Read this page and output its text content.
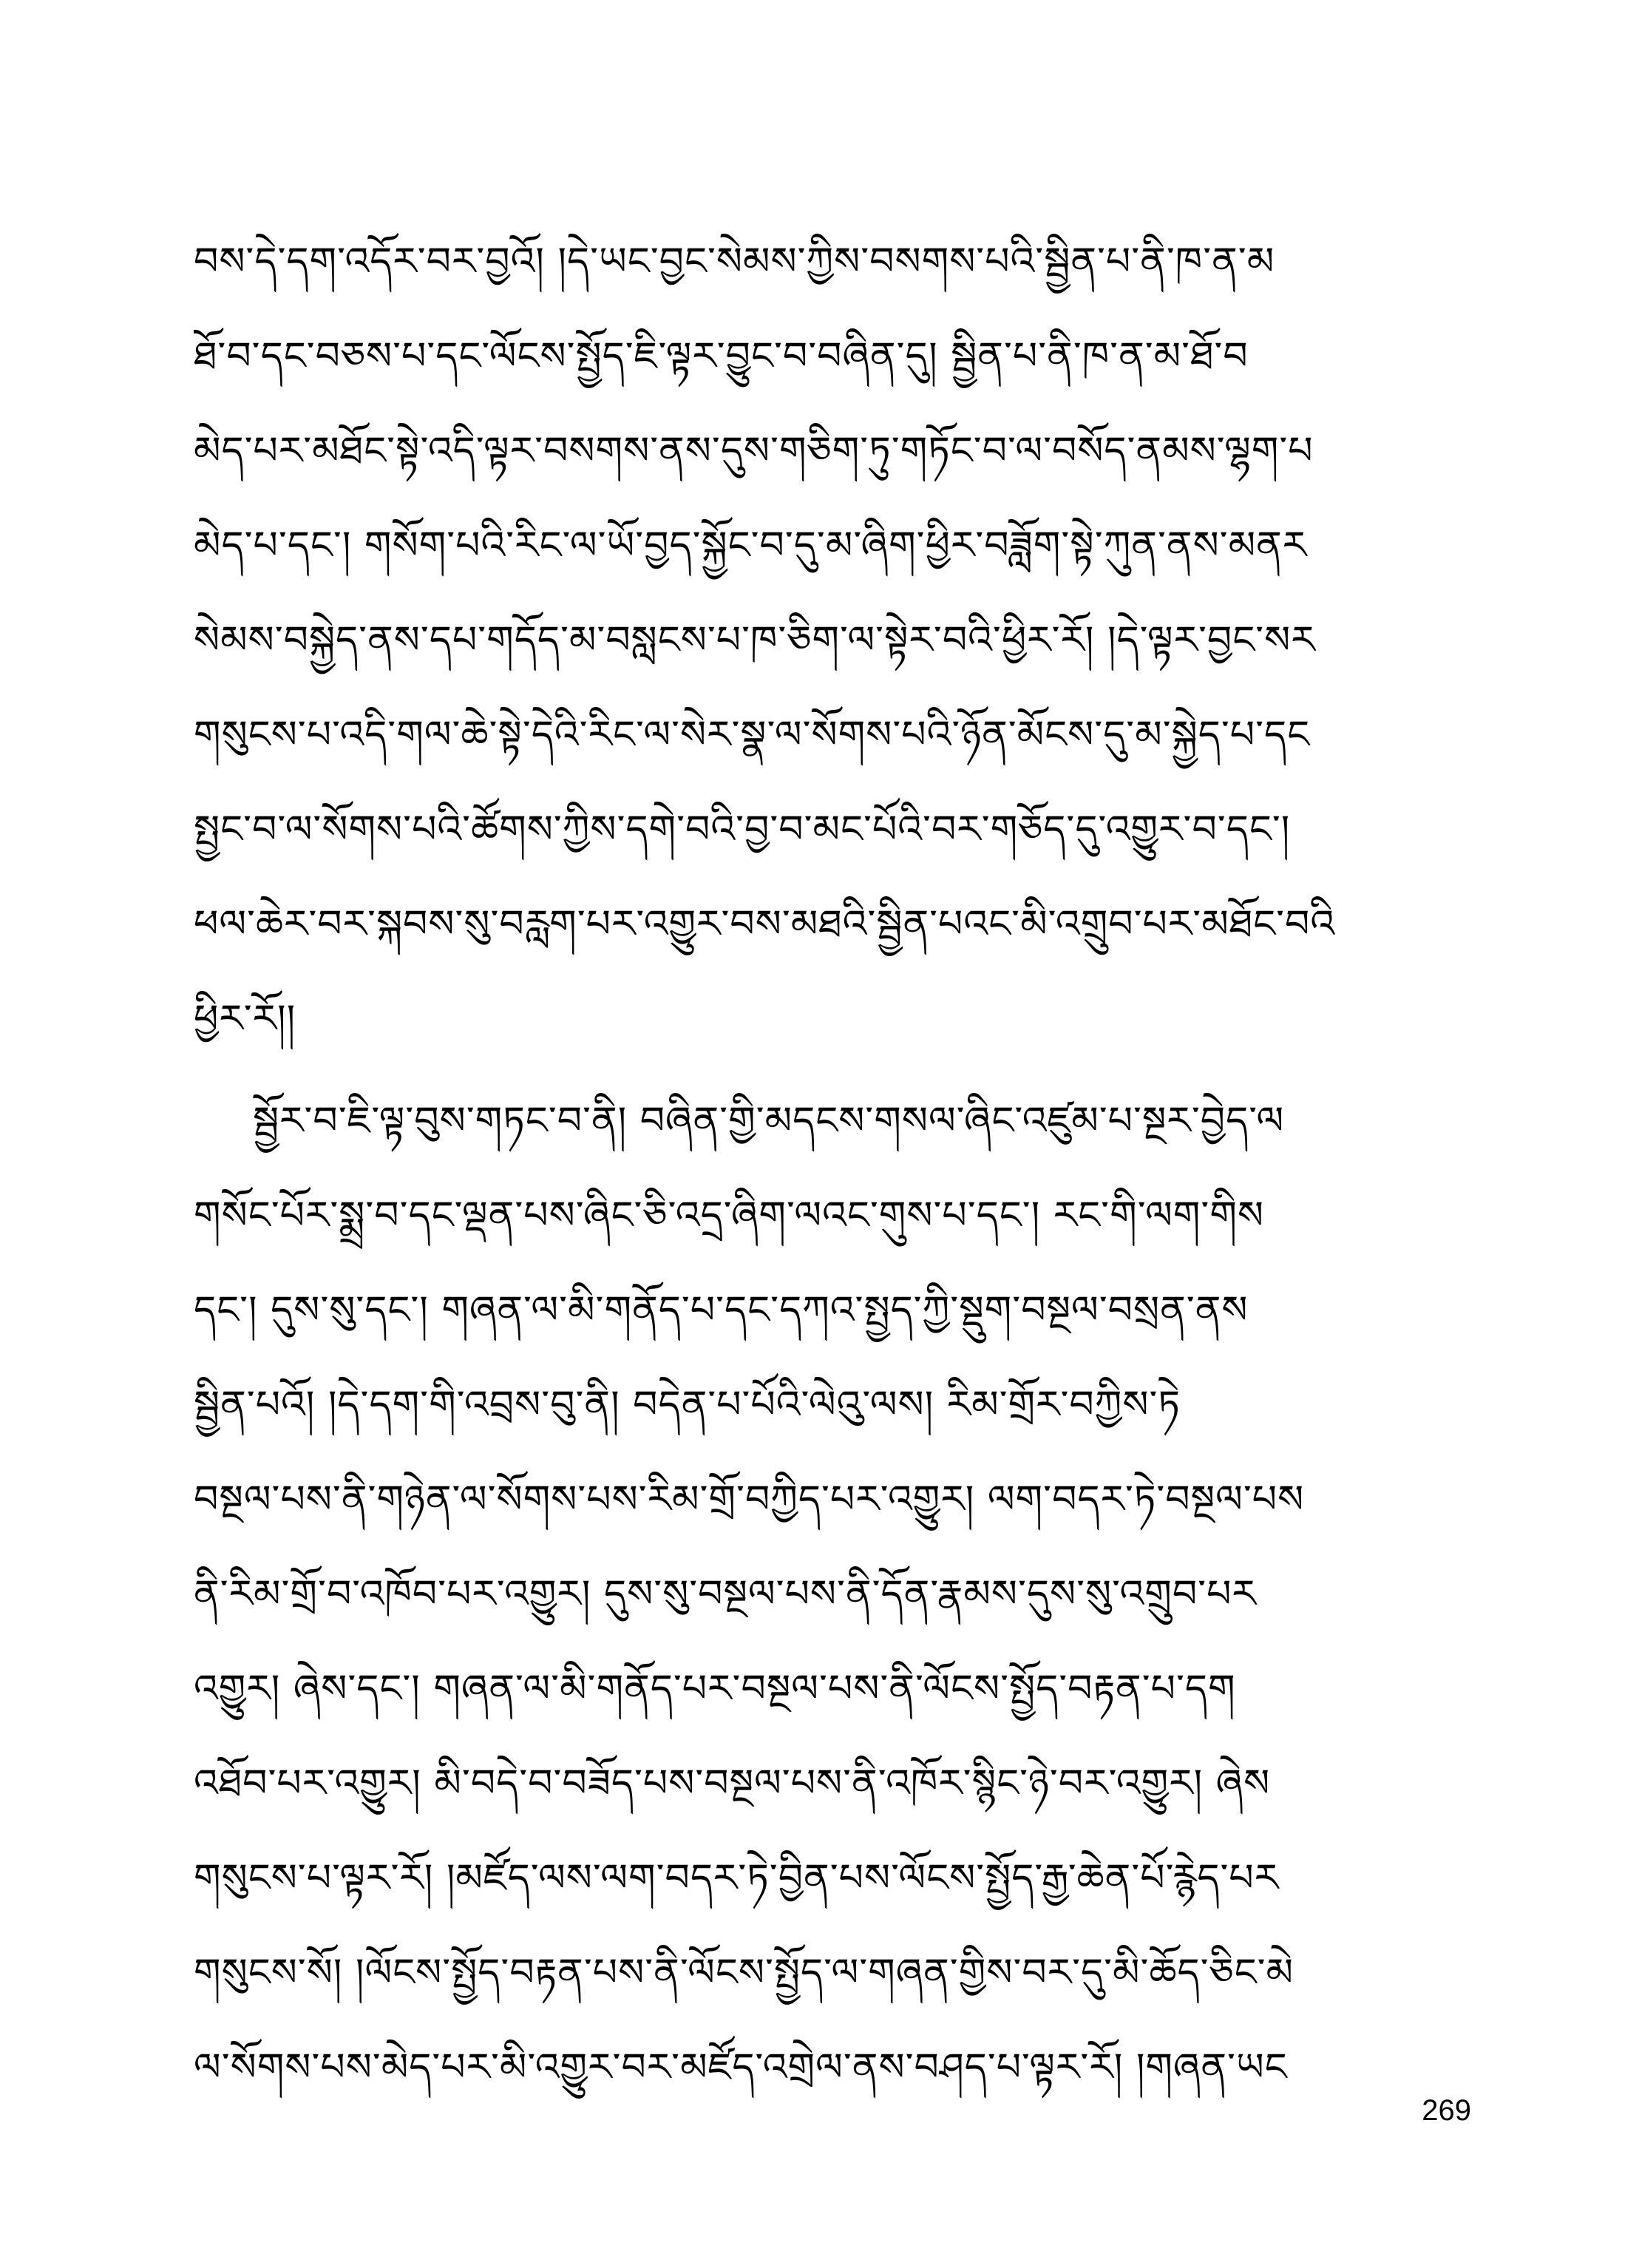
བས་དེ་དག་འདོར་བར་བྱའོ། །དེ་ཡང་བྱང་སེམས་ཀྱིས་བསགས་པའི་སྦྱིན་པ་ནི་ཁ་ན་མ
ཐོ་བ་དང་བཅས་པ་དང་ལོངས་སྤྱོད་ཇི་ལྟར་བྱུང་བ་བཞིན་དུ། སྦྱིན་པ་ནི་ཁ་ན་མ་ཐོ་བ
མེད་པར་མཐོང་སྟེ་འདི་ལྟར་བསགས་ནས་དུས་གཅིག་ཏུ་གཏོང་བ་ལ་བསོད་ནམས་ལྷག་པ
མེད་པ་དང་། གསོག་པའི་རིང་ལ་ཡོ་བྱད་སྐྱོང་བ་དུ་མ་ཞིག་ཕྱིར་བཟློག་སྟེ་ཀུན་ནས་མནར
སེམས་བསྐྱེད་ནས་དཔ་གདོད་མ་བསླངས་པ་ཁ་ཅིག་ལ་སྟེར་བའི་ཕྱིར་རོ། །དེ་ལྟར་བྱང་སར
གསུངས་པ་འདི་གལ་ཆེ་སྟེ་དེའི་རིང་ལ་སེར་སྣ་ལ་སོགས་པའི་ཉོན་མོངས་དུ་མ་སྐྱེད་པ་དང
སྤྱང་བ་ལ་སོགས་པའི་ཚོགས་ཀྱིས་དགེ་བའི་བྱ་བ་མང་པོའི་བར་གཅོད་དུ་འགྱུར་བ་དང་།
ཕལ་ཆེར་བར་སྐབས་སུ་བརླག་པར་འགྱུར་བས་མཐའི་སྦྱིན་པའང་མི་འགྲུབ་པར་མཐོང་བའི
ཕྱིར་རོ།།
སྦྱོར་བ་ཇི་ལྟ་བུས་གཏང་བ་ནི། བཞིན་གྱི་མདངས་གསལ་ཞིང་འཛུམ་པ་སྔར་བྱེད་ལ
གསོང་པོར་སྨྲ་བ་དང་ལྡན་པས་ཞིང་ཅི་འདྲ་ཞིག་ལའང་གུས་པ་དང་། རང་གི་ལག་གིས
དང་། དུས་སུ་དང་། གཞན་ལ་མི་གནོད་པ་དང་དཀའ་སྤྱད་ཀྱི་སྡུག་བསྔལ་བསྲན་ནས
སྦྱིན་པའོ། །དེ་དག་གི་འབྲས་བུ་ནི། བདེན་པ་པོའི་ལེའུ་ལས། རིམ་གྲོར་བཀྱིས་ཏེ
བསྔལ་པས་ནི་གཉེན་ལ་སོགས་པས་རིམ་གྲོ་བཀྱིད་པར་འགྱུར། ལག་བདར་ཏེ་བསྔལ་པས
ནི་རིམ་གྲོ་བ་འཁོབ་པར་འགྱུར། དུས་སུ་བསྔལ་པས་ནི་དོན་རྣམས་དུས་སུ་འགྲུབ་པར
འགྱུར། ཞེས་དང་། གཞན་ལ་མི་གནོད་པར་བསྔལ་པས་ནི་ལོངས་སྤྱོད་བརྟན་པ་དག
འཐོབ་པར་འགྱུར། མི་བདེ་བ་བཟོད་པས་བསྔལ་པས་ནི་འཁོར་སྙིང་ཉེ་བར་འགྱུར། ཞེས
གསུངས་པ་ལྟར་རོ། །མཛོད་ལས་ལག་བདར་ཏེ་བྱིན་པས་ལོངས་སྤྱོད་རྒྱ་ཆེན་པོ་རྙེད་པར
གསུངས་སོ། །ལོངས་སྤྱོད་བརྟན་པས་ནི་ལོངས་སྤྱོད་ལ་གཞན་གྱིས་བར་དུ་མི་ཆོད་ཅིང་མེ
ལ་སོགས་པས་མེད་པར་མི་འགྱུར་བར་མཛོད་འགྲེལ་ནས་བཤད་པ་ལྟར་རོ། །གཞན་ཡང
269
